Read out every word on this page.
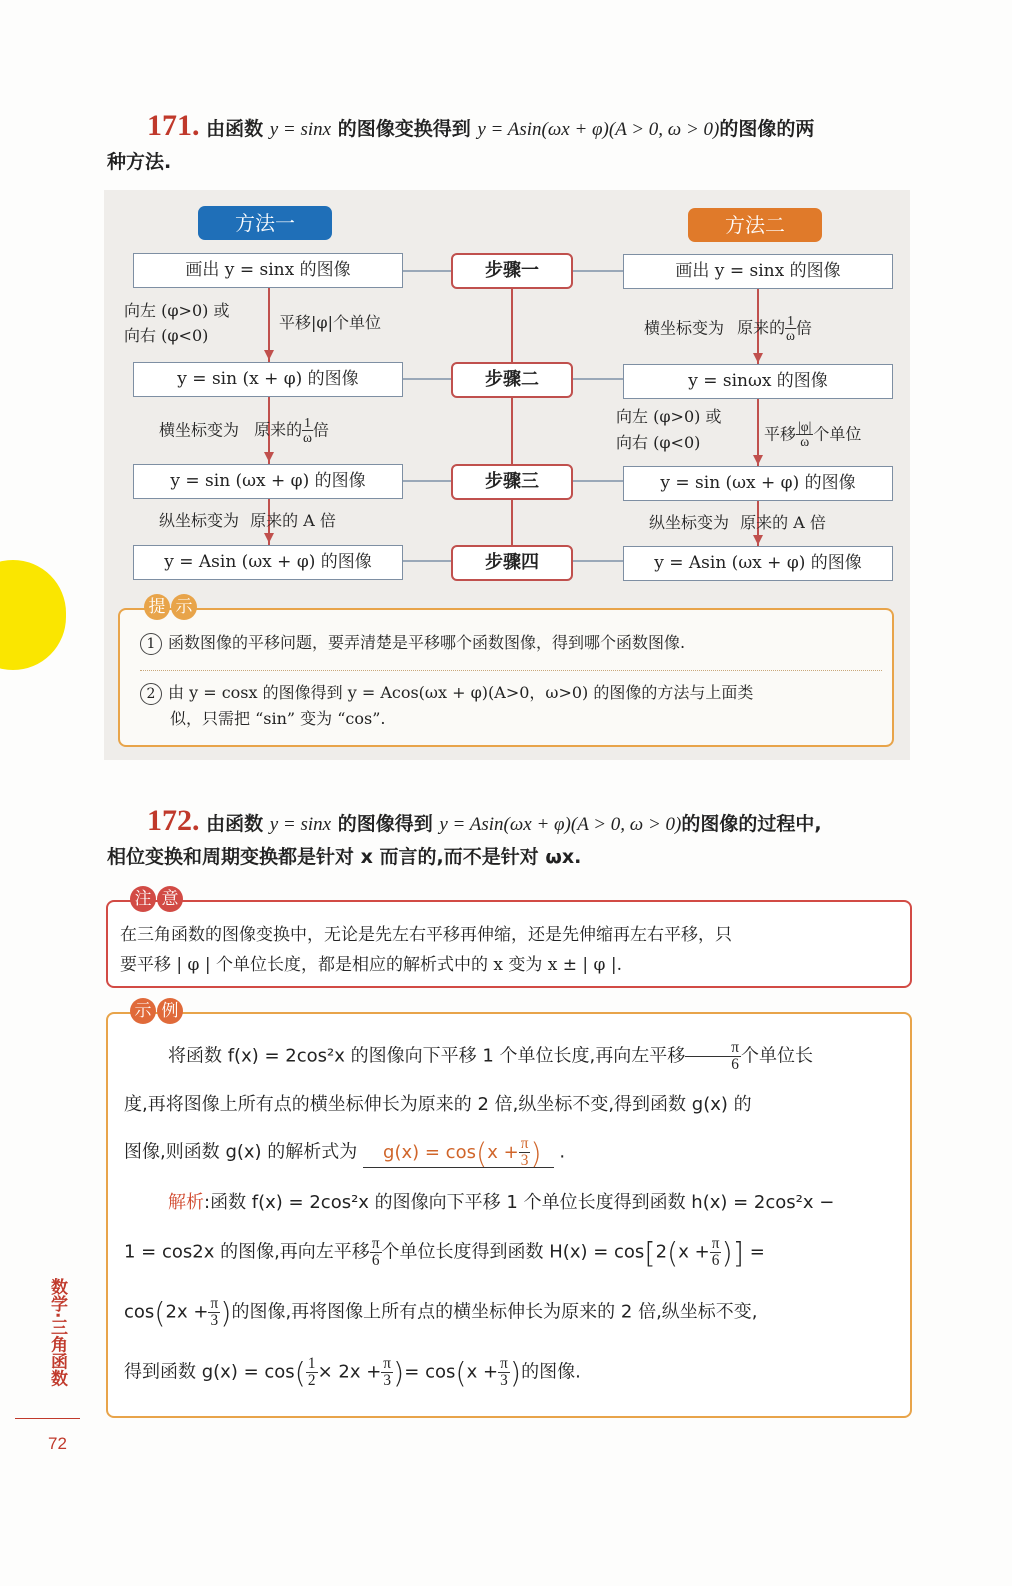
171. 由函数 y = sinx 的图像变换得到 y = Asin(ωx + φ)(A > 0, ω > 0)的图像的两
种方法.
方法一	方法二
步骤一
步骤二
步骤三
步骤四
画出 y = sinx 的图像
y = sin (x + φ) 的图像
y = sin (ωx + φ) 的图像
y = Asin (ωx + φ) 的图像
画出 y = sinx 的图像
y = sinωx 的图像
y = sin (ωx + φ) 的图像
y = Asin (ωx + φ) 的图像
向左 (φ>0) 或
向右 (φ<0)
平移|φ|个单位
横坐标变为 原来的 $\frac{1}{\omega}$ 倍
纵坐标变为 原来的 A 倍
横坐标变为 原来的 $\frac{1}{\omega}$ 倍
向左 (φ>0) 或
向右 (φ<0)	平移 $\frac{|\varphi|}{\omega}$ 个单位
纵坐标变为 原来的 A 倍
提 示
1 函数图像的平移问题，要弄清楚是平移哪个函数图像，得到哪个函数图像.
2 由 y = cosx 的图像得到 y = Acos(ωx + φ)(A>0，ω>0) 的图像的方法与上面类
似，只需把 “sin” 变为 “cos”.
172. 由函数 y = sinx 的图像得到 y = Asin(ωx + φ)(A > 0, ω > 0)的图像的过程中,
相位变换和周期变换都是针对 x 而言的,而不是针对 ωx.
注 意
在三角函数的图像变换中，无论是先左右平移再伸缩，还是先伸缩再左右平移，只
要平移 | φ | 个单位长度，都是相应的解析式中的 x 变为 x ± | φ |.
示 例
将函数 f(x) = 2cos²x 的图像向下平移 1 个单位长度,再向左平移 $\frac{\pi}{6}$ 个单位长
度,再将图像上所有点的横坐标伸长为原来的 2 倍,纵坐标不变,得到函数 g(x) 的
图像,则函数 g(x) 的解析式为 $g(x) = \cos(x + \frac{\pi}{3}$ ) .
解析:函数 f(x) = 2cos²x 的图像向下平移 1 个单位长度得到函数 h(x) = 2cos²x −
1 = cos2x 的图像,再向左平移 $\frac{\pi}{6}$ 个单位长度得到函数 $H(x) = \cos[2(x + \frac{\pi}{6}$ )] =
$\cos(2x + \frac{\pi}{3}$ )的图像,再将图像上所有点的横坐标伸长为原来的 2 倍,纵坐标不变,
得到函数 $g(x) = \cos( \frac{1}{2} \times 2x + \frac{\pi}{3}$ )= $\cos(x + \frac{\pi}{3}$ )的图像.
数学·三角函数
72
